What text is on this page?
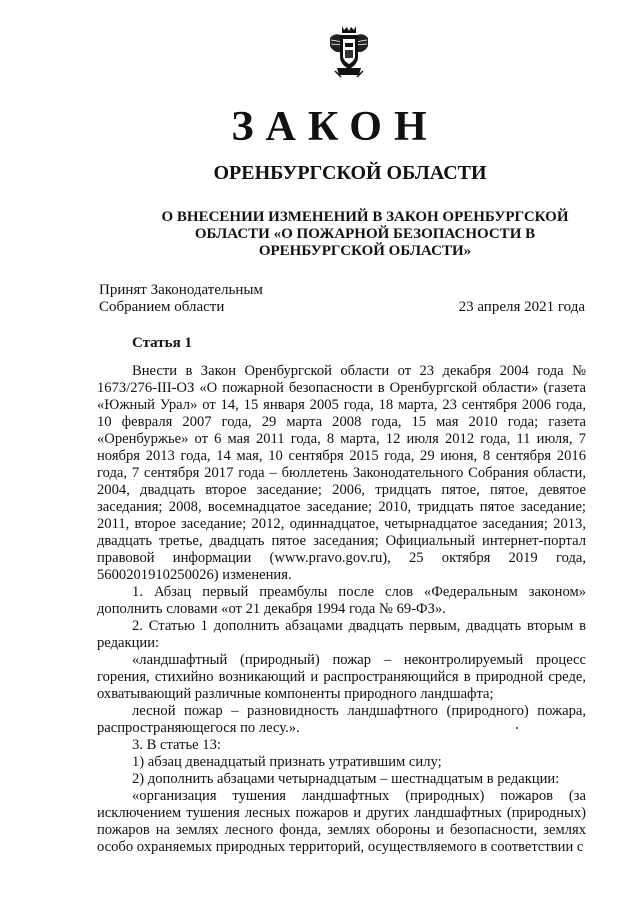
ЗАКОН
ОРЕНБУРГСКОЙ ОБЛАСТИ
О ВНЕСЕНИИ ИЗМЕНЕНИЙ В ЗАКОН ОРЕНБУРГСКОЙ
ОБЛАСТИ «О ПОЖАРНОЙ БЕЗОПАСНОСТИ В
ОРЕНБУРГСКОЙ ОБЛАСТИ»
Принят Законодательным
Собранием области	23 апреля 2021 года
Статья 1

Внести в Закон Оренбургской области от 23 декабря 2004 года № 1673/276-III-ОЗ «О пожарной безопасности в Оренбургской области» (газета «Южный Урал» от 14, 15 января 2005 года, 18 марта, 23 сентября 2006 года, 10 февраля 2007 года, 29 марта 2008 года, 15 мая 2010 года; газета «Оренбуржье» от 6 мая 2011 года, 8 марта, 12 июля 2012 года, 11 июля, 7 ноября 2013 года, 14 мая, 10 сентября 2015 года, 29 июня, 8 сентября 2016 года, 7 сентября 2017 года – бюллетень Законодательного Собрания области, 2004, двадцать второе заседание; 2006, тридцать пятое, пятое, девятое заседания; 2008, восемнадцатое заседание; 2010, тридцать пятое заседание; 2011, второе заседание; 2012, одиннадцатое, четырнадцатое заседания; 2013, двадцать третье, двадцать пятое заседания; Официальный интернет-портал правовой информации (www.pravo.gov.ru), 25 октября 2019 года, 5600201910250026) изменения.

1. Абзац первый преамбулы после слов «Федеральным законом» дополнить словами «от 21 декабря 1994 года № 69-ФЗ».

2. Статью 1 дополнить абзацами двадцать первым, двадцать вторым в редакции:

«ландшафтный (природный) пожар – неконтролируемый процесс горения, стихийно возникающий и распространяющийся в природной среде, охватывающий различные компоненты природного ландшафта;

лесной пожар – разновидность ландшафтного (природного) пожара, распространяющегося по лесу.».

3. В статье 13:

1) абзац двенадцатый признать утратившим силу;

2) дополнить абзацами четырнадцатым – шестнадцатым в редакции:

«организация тушения ландшафтных (природных) пожаров (за исключением тушения лесных пожаров и других ландшафтных (природных) пожаров на землях лесного фонда, землях обороны и безопасности, землях особо охраняемых природных территорий, осуществляемого в соответствии с
